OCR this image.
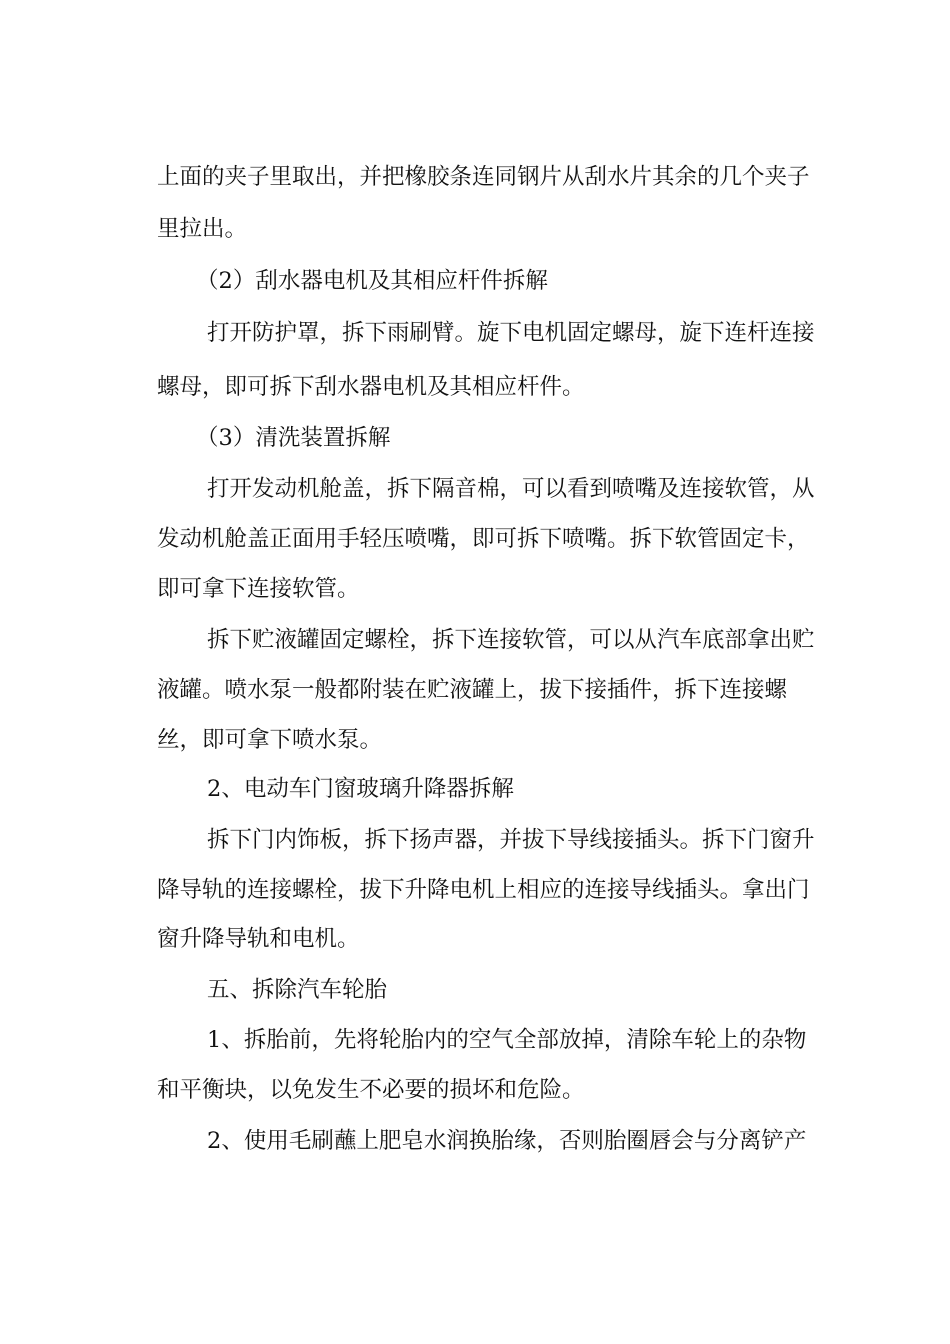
上面的夹子里取出，并把橡胶条连同钢片从刮水片其余的几个夹子
里拉出。
（2）刮水器电机及其相应杆件拆解
打开防护罩，拆下雨刷臂。旋下电机固定螺母，旋下连杆连接
螺母，即可拆下刮水器电机及其相应杆件。
（3）清洗装置拆解
打开发动机舱盖，拆下隔音棉，可以看到喷嘴及连接软管，从
发动机舱盖正面用手轻压喷嘴，即可拆下喷嘴。拆下软管固定卡，
即可拿下连接软管。
拆下贮液罐固定螺栓，拆下连接软管，可以从汽车底部拿出贮
液罐。喷水泵一般都附装在贮液罐上，拔下接插件，拆下连接螺
丝，即可拿下喷水泵。
2、电动车门窗玻璃升降器拆解
拆下门内饰板，拆下扬声器，并拔下导线接插头。拆下门窗升
降导轨的连接螺栓，拔下升降电机上相应的连接导线插头。拿出门
窗升降导轨和电机。
五、拆除汽车轮胎
1、拆胎前，先将轮胎内的空气全部放掉，清除车轮上的杂物
和平衡块，以免发生不必要的损坏和危险。
2、使用毛刷蘸上肥皂水润换胎缘，否则胎圈唇会与分离铲产
